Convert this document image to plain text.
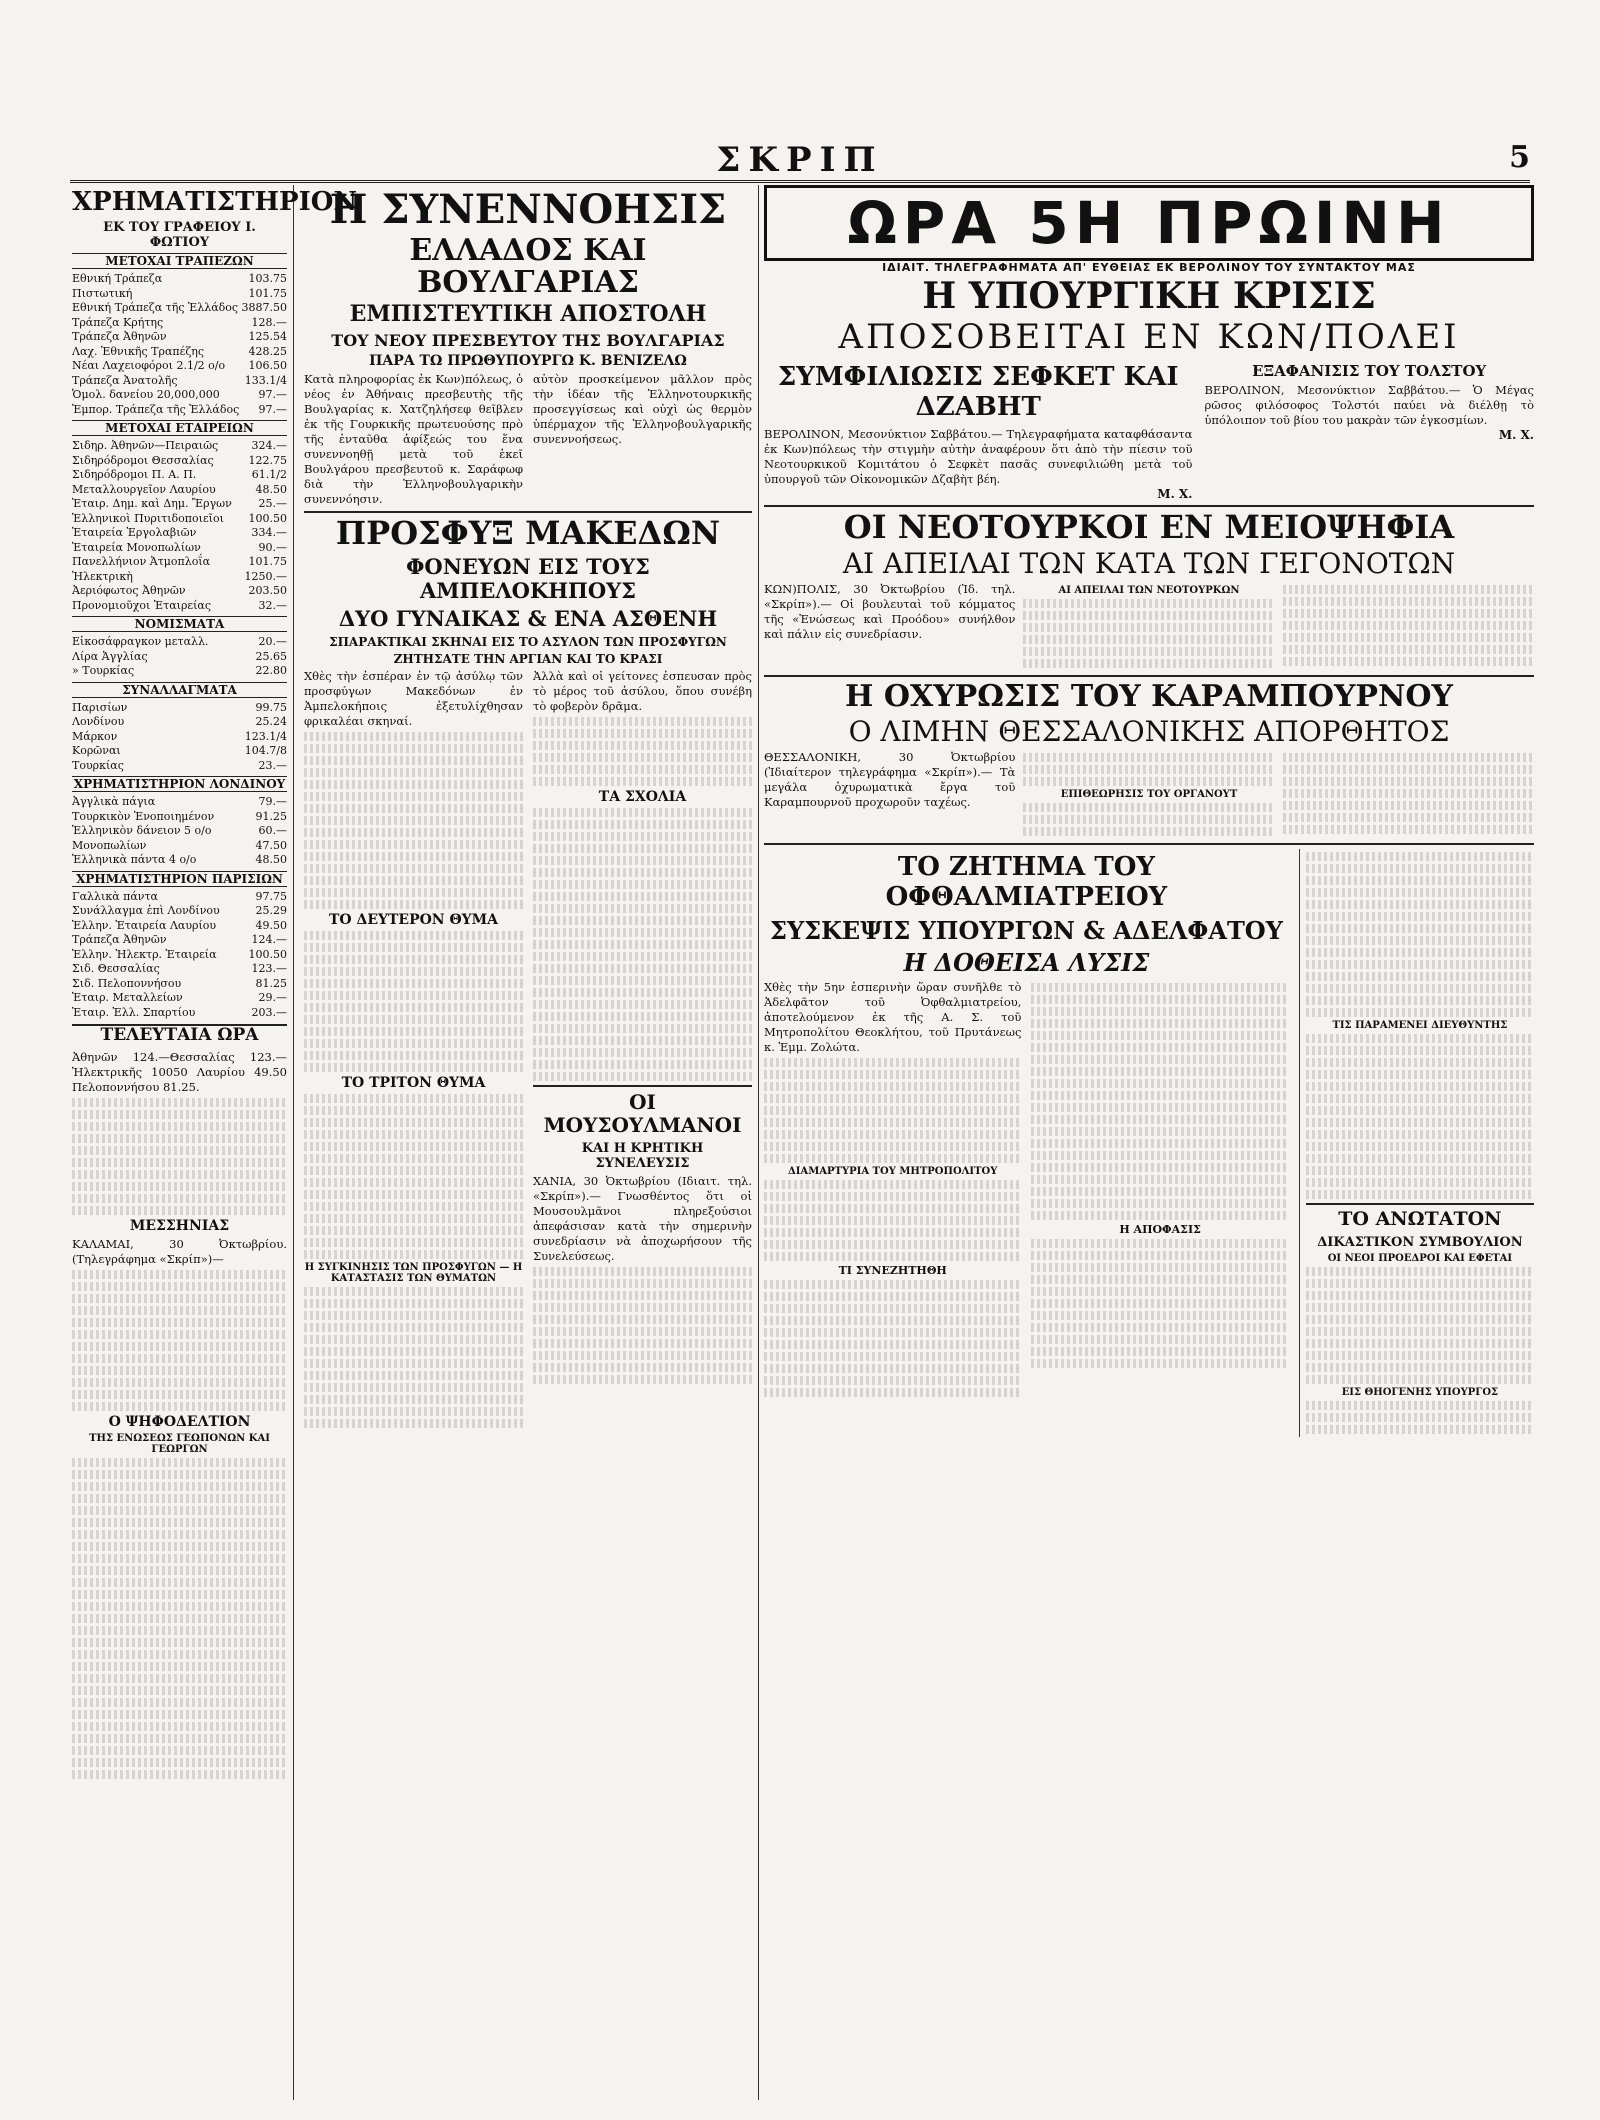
ΣΚΡΙΠ	5
ΧΡΗΜΑΤΙΣΤΗΡΙΟΝ
ΕΚ ΤΟΥ ΓΡΑΦΕΙΟΥ Ι. ΦΩΤΙΟΥ
ΜΕΤΟΧΑΙ ΤΡΑΠΕΖΩΝ
Εθνική Τράπεζα	103.75
Πιστωτική	101.75
Εθνική Τράπεζα τῆς Ἑλλάδος 3887.50
Τράπεζα Κρήτης	128.—
Τράπεζα Ἀθηνῶν	125.54
Λαχ. Ἐθνικῆς Τραπέζης	428.25
Νέαι Λαχειοφόροι 2.1/2 ο/ο 106.50
Τράπεζα Ἀνατολῆς	133.1/4
Ὁμολ. δανείου 20,000,000	97.—
Ἐμπορ. Τράπεζα τῆς Ἑλλάδος 97.—
ΜΕΤΟΧΑΙ ΕΤΑΙΡΕΙΩΝ
Σιδηρ. Ἀθηνῶν—Πειραιῶς	324.—
Σιδηρόδρομοι Θεσσαλίας	122.75
Σιδηρόδρομοι Π. Α. Π.	61.1/2
Μεταλλουργεῖον Λαυρίου	48.50
Ἑταιρ. Δημ. καὶ Δημ. Ἔργων 25.—
Ἑλληνικοὶ Πυριτιδοποιεῖοι 100.50
Ἑταιρεία Ἐργολαβιῶν	334.—
Ἑταιρεία Μονοπωλίων	90.—
Πανελλήνιον Ἀτμοπλοΐα	101.75
Ἠλεκτρικὴ	1250.—
Ἀεριόφωτος Ἀθηνῶν	203.50
Προνομιοῦχοι Ἑταιρείας	32.—
ΝΟΜΙΣΜΑΤΑ
Εἰκοσάφραγκον μεταλλ.	20.—
Λίρα Ἀγγλίας	25.65
» Τουρκίας	22.80
ΣΥΝΑΛΛΑΓΜΑΤΑ
Παρισίων	99.75
Λονδίνου	25.24
Μάρκον	123.1/4
Κορῶναι	104.7/8
Τουρκίας	23.—
ΧΡΗΜΑΤΙΣΤΗΡΙΟΝ ΛΟΝΔΙΝΟΥ
Ἀγγλικὰ πάγια	79.—
Τουρκικὸν Ἑνοποιημένον	91.25
Ἑλληνικὸν δάνειον 5 ο/ο	60.—
Μονοπωλίων	47.50
Ἑλληνικὰ πάντα 4 ο/ο	48.50
ΧΡΗΜΑΤΙΣΤΗΡΙΟΝ ΠΑΡΙΣΙΩΝ
Γαλλικὰ πάντα	97.75
Συνάλλαγμα ἐπὶ Λονδίνου	25.29
Ἑλλην. Ἑταιρεία Λαυρίου	49.50
Τράπεζα Ἀθηνῶν	124.—
Ἑλλην. Ἠλεκτρ. Ἑταιρεία	100.50
Σιδ. Θεσσαλίας	123.—
Σιδ. Πελοποννήσου	81.25
Ἑταιρ. Μεταλλείων	29.—
Ἑταιρ. Ἑλλ. Σπαρτίου	203.—
ΤΕΛΕΥΤΑΙΑ ΩΡΑ
Ἀθηνῶν 124.—Θεσσαλίας 123.—Ἠλεκτρικῆς 10050 Λαυρίου 49.50 Πελοποννήσου 81.25.
ΜΕΣΣΗΝΙΑΣ
ΚΑΛΑΜΑΙ, 30 Ὀκτωβρίου. (Τηλεγράφημα «Σκρίπ»)—
Ο ΨΗΦΟΔΕΛΤΙΟΝ
ΤΗΣ ΕΝΩΣΕΩΣ ΓΕΩΠΟΝΩΝ ΚΑΙ ΓΕΩΡΓΩΝ
Η ΣΥΝΕΝΝΟΗΣΙΣ
ΕΛΛΑΔΟΣ ΚΑΙ ΒΟΥΛΓΑΡΙΑΣ
ΕΜΠΙΣΤΕΥΤΙΚΗ ΑΠΟΣΤΟΛΗ
ΤΟΥ ΝΕΟΥ ΠΡΕΣΒΕΥΤΟΥ ΤΗΣ ΒΟΥΛΓΑΡΙΑΣ
ΠΑΡΑ ΤΩ ΠΡΩΘΥΠΟΥΡΓΩ Κ. ΒΕΝΙΖΕΛΩ
Κατὰ πληροφορίας ἐκ Κων)πόλεως, ὁ νέος ἐν Ἀθήναις πρεσβευτὴς τῆς Βουλγαρίας κ. Χατζηλήσεφ θεῖβλεν ἐκ τῆς Γουρκικῆς πρωτευούσης πρὸ τῆς ἐνταῦθα ἀφίξεώς του ἕνα συνεννοηθῇ μετὰ τοῦ ἐκεῖ Βουλγάρου πρεσβευτοῦ κ. Σαράφωφ διὰ τὴν Ἑλληνοβουλγαρικὴν συνεννόησιν.
αὐτὸν προσκείμενον μᾶλλον πρὸς τὴν ἰδέαν τῆς Ἑλληνοτουρκικῆς προσεγγίσεως καὶ οὐχὶ ὡς θερμὸν ὑπέρμαχον τῆς Ἑλληνοβουλγαρικῆς συνεννοήσεως.
ΠΡΟΣΦΥΞ ΜΑΚΕΔΩΝ
ΦΟΝΕΥΩΝ ΕΙΣ ΤΟΥΣ ΑΜΠΕΛΟΚΗΠΟΥΣ
ΔΥΟ ΓΥΝΑΙΚΑΣ & ΕΝΑ ΑΣΘΕΝΗ
ΣΠΑΡΑΚΤΙΚΑΙ ΣΚΗΝΑΙ ΕΙΣ ΤΟ ΑΣΥΛΟΝ ΤΩΝ ΠΡΟΣΦΥΓΩΝ
ΖΗΤΗΣΑΤΕ ΤΗΝ ΑΡΓΙΑΝ ΚΑΙ ΤΟ ΚΡΑΣΙ
Χθὲς τὴν ἑσπέραν ἐν τῷ ἀσύλῳ τῶν προσφύγων Μακεδόνων ἐν Ἀμπελοκήποις ἐξετυλίχθησαν φρικαλέαι σκηναί.
ΤΟ ΔΕΥΤΕΡΟΝ ΘΥΜΑ
ΤΟ ΤΡΙΤΟΝ ΘΥΜΑ
Η ΣΥΓΚΙΝΗΣΙΣ ΤΩΝ ΠΡΟΣΦΥΓΩΝ — Η ΚΑΤΑΣΤΑΣΙΣ ΤΩΝ ΘΥΜΑΤΩΝ
Ἀλλὰ καὶ οἱ γείτονες ἐσπευσαν πρὸς τὸ μέρος τοῦ ἀσύλου, ὅπου συνέβη τὸ φοβερὸν δρᾶμα.
ΤΑ ΣΧΟΛΙΑ
ΟΙ ΜΟΥΣΟΥΛΜΑΝΟΙ
ΚΑΙ Η ΚΡΗΤΙΚΗ ΣΥΝΕΛΕΥΣΙΣ
ΧΑΝΙΑ, 30 Ὀκτωβρίου (Ιδιαιτ. τηλ. «Σκρίπ»).— Γνωσθέντος ὅτι οἱ Μουσουλμᾶνοι πληρεξούσιοι ἀπεφάσισαν κατὰ τὴν σημερινὴν συνεδρίασιν νὰ ἀποχωρήσουν τῆς Συνελεύσεως.
ΩΡΑ 5Η ΠΡΩΙΝΗ
ΙΔΙΑΙΤ. ΤΗΛΕΓΡΑΦΗΜΑΤΑ ΑΠ' ΕΥΘΕΙΑΣ ΕΚ ΒΕΡΟΛΙΝΟΥ ΤΟΥ ΣΥΝΤΑΚΤΟΥ ΜΑΣ
Η ΥΠΟΥΡΓΙΚΗ ΚΡΙΣΙΣ
ΑΠΟΣΟΒΕΙΤΑΙ ΕΝ ΚΩΝ/ΠΟΛΕΙ
ΣΥΜΦΙΛΙΩΣΙΣ ΣΕΦΚΕΤ ΚΑΙ ΔΖΑΒΗΤ
ΒΕΡΟΛΙΝΟΝ, Μεσονύκτιον Σαββάτου.— Τηλεγραφήματα καταφθάσαντα ἐκ Κων)πόλεως τὴν στιγμὴν αὐτὴν ἀναφέρουν ὅτι ἀπὸ τὴν πίεσιν τοῦ Νεοτουρκικοῦ Κομιτάτου ὁ Σεφκὲτ πασᾶς συνεφιλιώθη μετὰ τοῦ ὑπουργοῦ τῶν Οἰκονομικῶν Δζαβὴτ βέη.
Μ. Χ.
ΕΞΑΦΑΝΙΣΙΣ ΤΟΥ ΤΟΛΣΤΟΥ
ΒΕΡΟΛΙΝΟΝ, Μεσονύκτιον Σαββάτου.— Ὁ Μέγας ρῶσος φιλόσοφος Τολστόι παύει νὰ διέλθῃ τὸ ὑπόλοιπον τοῦ βίου του μακρὰν τῶν ἐγκοσμίων.
Μ. Χ.
ΟΙ ΝΕΟΤΟΥΡΚΟΙ ΕΝ ΜΕΙΟΨΗΦΙΑ
ΑΙ ΑΠΕΙΛΑΙ ΤΩΝ ΚΑΤΑ ΤΩΝ ΓΕΓΟΝΟΤΩΝ
ΚΩΝ)ΠΟΛΙΣ, 30 Ὀκτωβρίου (Ἰδ. τηλ. «Σκρίπ»).— Οἱ βουλευταὶ τοῦ κόμματος τῆς «Ἑνώσεως καὶ Προόδου» συνήλθον καὶ πάλιν εἰς συνεδρίασιν.
ΑΙ ΑΠΕΙΛΑΙ ΤΩΝ ΝΕΟΤΟΥΡΚΩΝ
Η ΟΧΥΡΩΣΙΣ ΤΟΥ ΚΑΡΑΜΠΟΥΡΝΟΥ
Ο ΛΙΜΗΝ ΘΕΣΣΑΛΟΝΙΚΗΣ ΑΠΟΡΘΗΤΟΣ
ΘΕΣΣΑΛΟΝΙΚΗ, 30 Ὀκτωβρίου (Ἰδιαίτερον τηλεγράφημα «Σκρίπ»).— Τὰ μεγάλα ὀχυρωματικὰ ἔργα τοῦ Καραμπουρνοῦ προχωροῦν ταχέως.
ΕΠΙΘΕΩΡΗΣΙΣ ΤΟΥ ΟΡΓΑΝΟΥΤ
ΤΟ ΖΗΤΗΜΑ ΤΟΥ ΟΦΘΑΛΜΙΑΤΡΕΙΟΥ
ΣΥΣΚΕΨΙΣ ΥΠΟΥΡΓΩΝ & ΑΔΕΛΦΑΤΟΥ
Η ΔΟΘΕΙΣΑ ΛΥΣΙΣ
Χθὲς τὴν 5ην ἑσπερινὴν ὥραν συνῆλθε τὸ Ἀδελφᾶτον τοῦ Ὀφθαλμιατρείου, ἀποτελούμενον ἐκ τῆς Α. Σ. τοῦ Μητροπολίτου Θεοκλήτου, τοῦ Πρυτάνεως κ. Ἐμμ. Ζολώτα.
ΔΙΑΜΑΡΤΥΡΙΑ ΤΟΥ ΜΗΤΡΟΠΟΛΙΤΟΥ
ΤΙ ΣΥΝΕΖΗΤΗΘΗ
Η ΑΠΟΦΑΣΙΣ
ΤΙΣ ΠΑΡΑΜΕΝΕΙ ΔΙΕΥΘΥΝΤΗΣ
ΤΟ ΑΝΩΤΑΤΟΝ
ΔΙΚΑΣΤΙΚΟΝ ΣΥΜΒΟΥΛΙΟΝ
ΟΙ ΝΕΟΙ ΠΡΟΕΔΡΟΙ ΚΑΙ ΕΦΕΤΑΙ
ΕΙΣ ΘΗΟΓΕΝΗΣ ΥΠΟΥΡΓΟΣ
